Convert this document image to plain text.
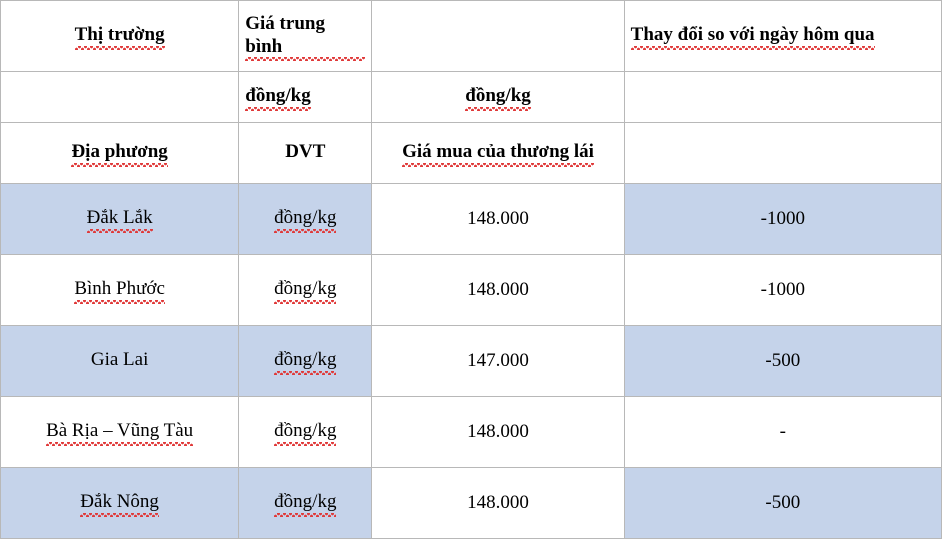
Thị trường	Giá trung bình		Thay đổi so với ngày hôm qua
	đồng/kg	đồng/kg	
Địa phương	DVT	Giá mua của thương lái	
Đắk Lắk	đồng/kg	148.000	-1000
Bình Phước	đồng/kg	148.000	-1000
Gia Lai	đồng/kg	147.000	-500
Bà Rịa – Vũng Tàu	đồng/kg	148.000	-
Đắk Nông	đồng/kg	148.000	-500
